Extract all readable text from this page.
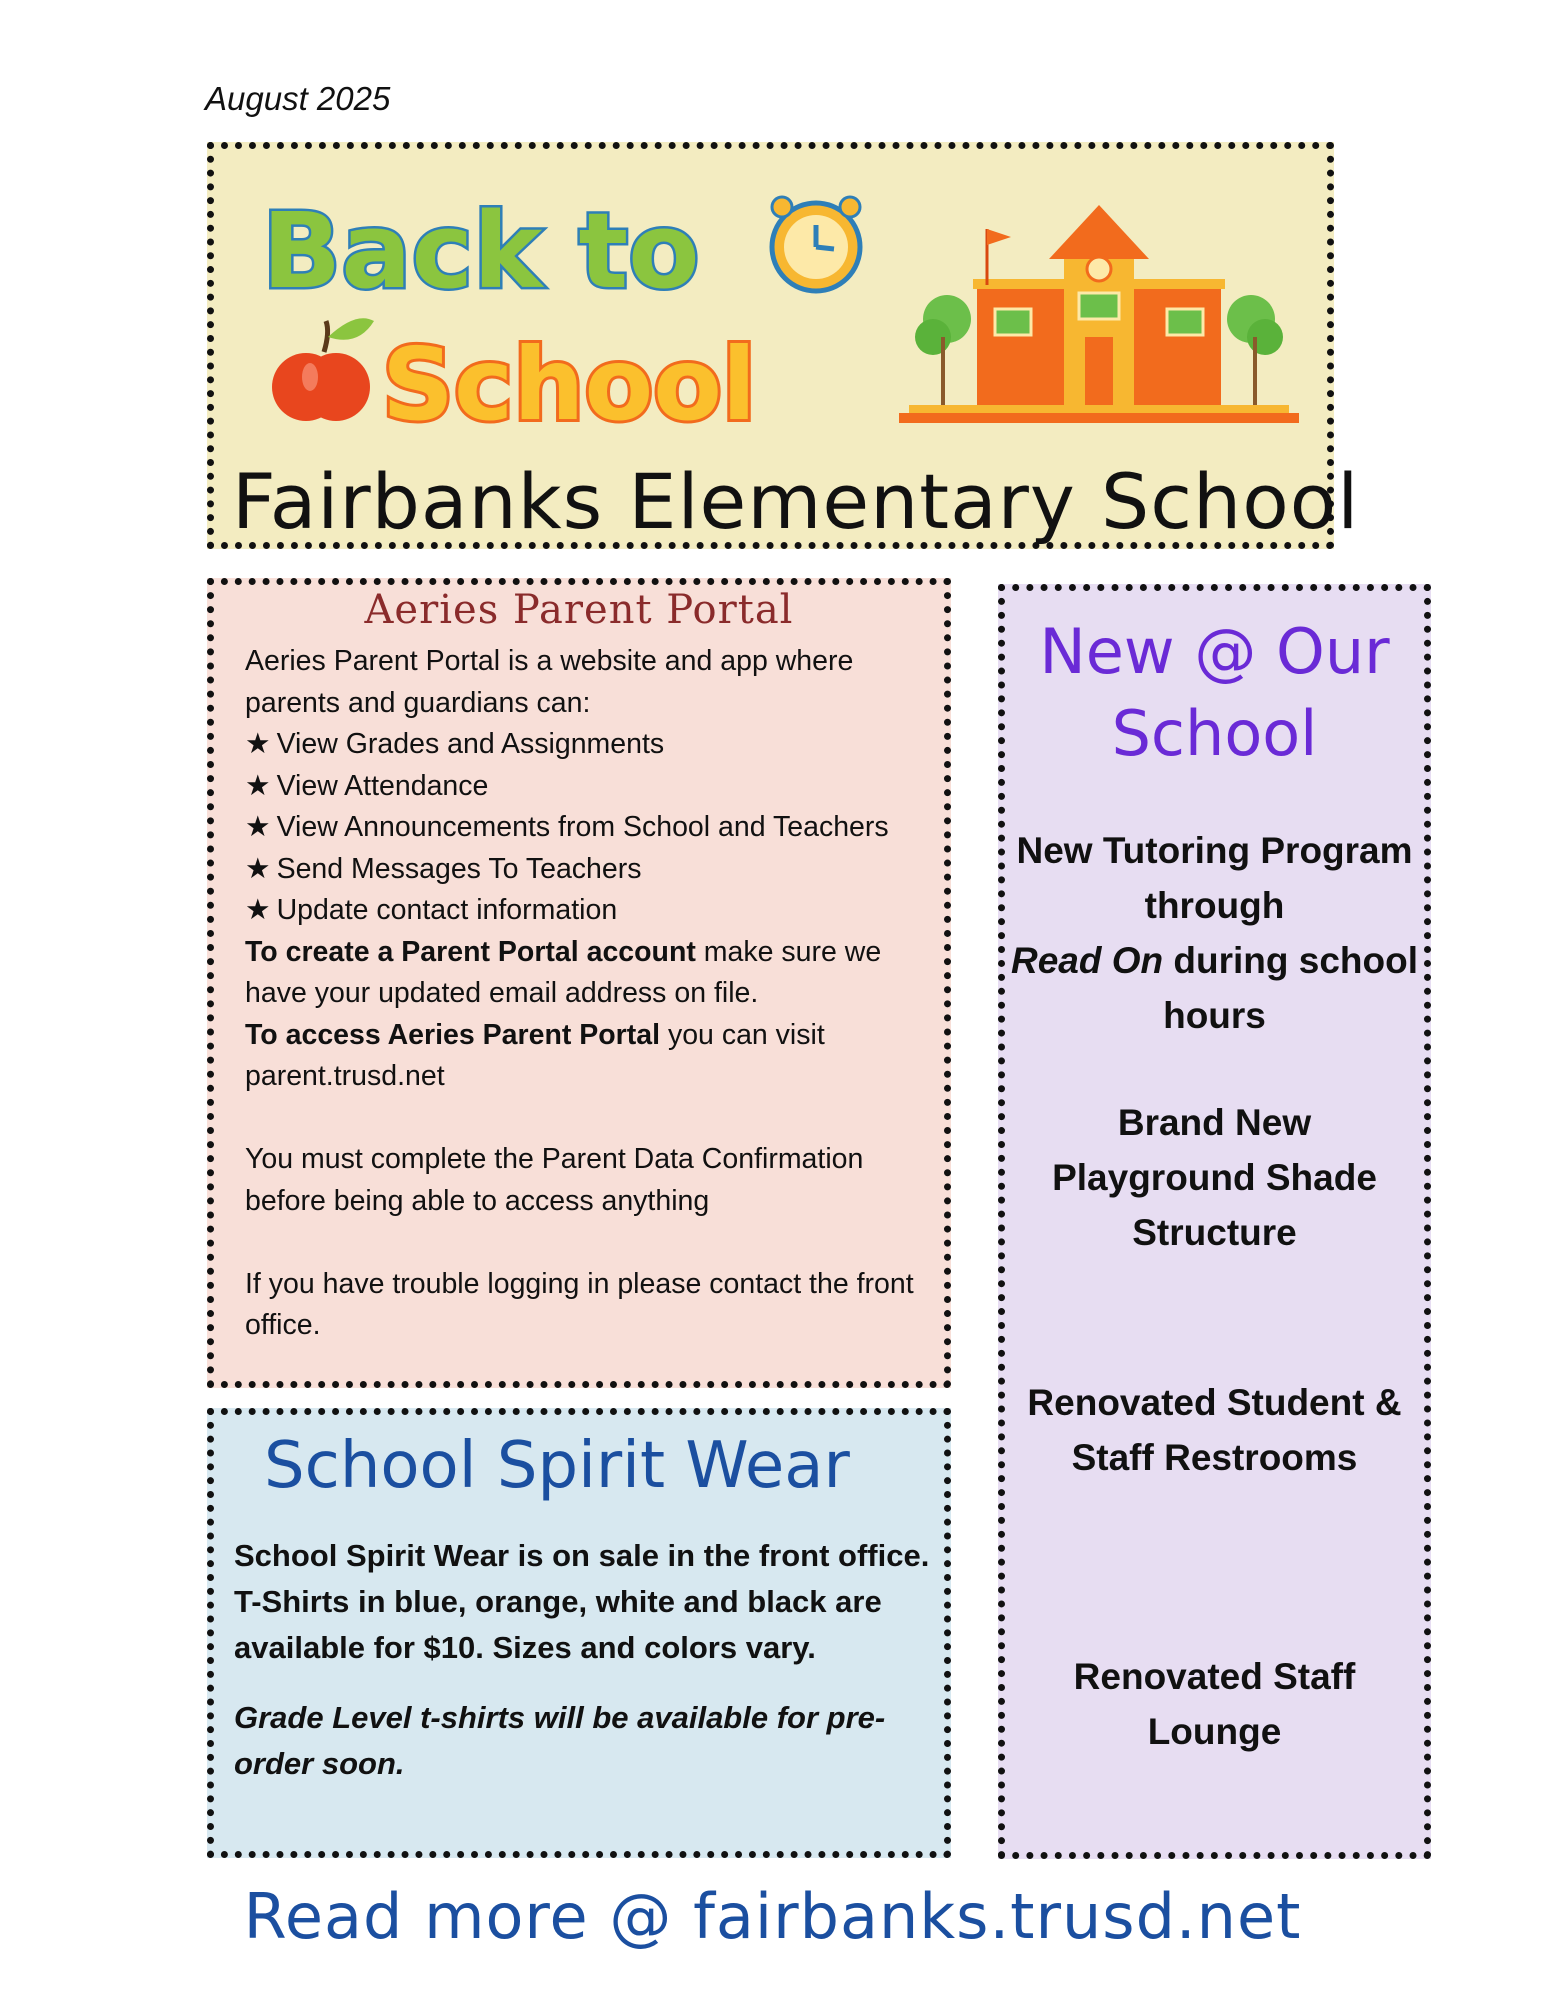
August 2025
Back to
School
Fairbanks Elementary School
Aeries Parent Portal

Aeries Parent Portal is a website and app where parents and guardians can:

★ View Grades and Assignments

★ View Attendance

★ View Announcements from School and Teachers

★ Send Messages To Teachers

★ Update contact information

To create a Parent Portal account make sure we have your updated email address on file.

To access Aeries Parent Portal you can visit parent.trusd.net

You must complete the Parent Data Confirmation before being able to access anything

If you have trouble logging in please contact the front office.

School Spirit Wear

School Spirit Wear is on sale in the front office. T-Shirts in blue, orange, white and black are available for $10. Sizes and colors vary.

Grade Level t-shirts will be available for pre-order soon.

New @ Our
School
New Tutoring Program through
Read On during school hours
Brand New Playground Shade Structure
Renovated Student & Staff Restrooms
Renovated Staff Lounge
Read more @ fairbanks.trusd.net
